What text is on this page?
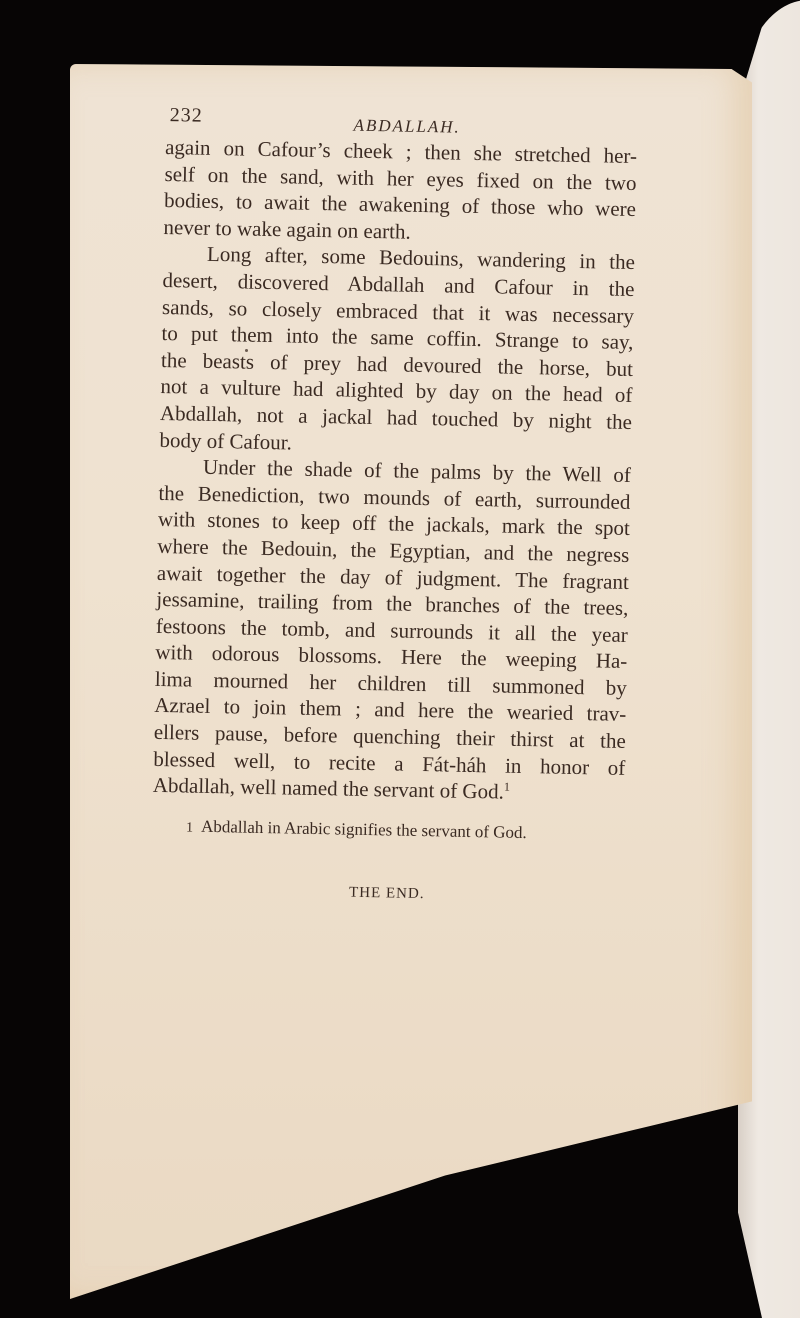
232	ABDALLAH.

again on Cafour’s cheek ; then she stretched her-
self on the sand, with her eyes fixed on the two
bodies, to await the awakening of those who were
never to wake again on earth.

Long after, some Bedouins, wandering in the
desert, discovered Abdallah and Cafour in the
sands, so closely embraced that it was necessary
to put them into the same coffin. Strange to say,
the beasts of prey had devoured the horse, but
not a vulture had alighted by day on the head of
Abdallah, not a jackal had touched by night the
body of Cafour.

Under the shade of the palms by the Well of
the Benediction, two mounds of earth, surrounded
with stones to keep off the jackals, mark the spot
where the Bedouin, the Egyptian, and the negress
await together the day of judgment. The fragrant
jessamine, trailing from the branches of the trees,
festoons the tomb, and surrounds it all the year
with odorous blossoms. Here the weeping Ha-
lima mourned her children till summoned by
Azrael to join them ; and here the wearied trav-
ellers pause, before quenching their thirst at the
blessed well, to recite a Fát-háh in honor of
Abdallah, well named the servant of God.$^1$

1 Abdallah in Arabic signifies the servant of God.
THE END.
